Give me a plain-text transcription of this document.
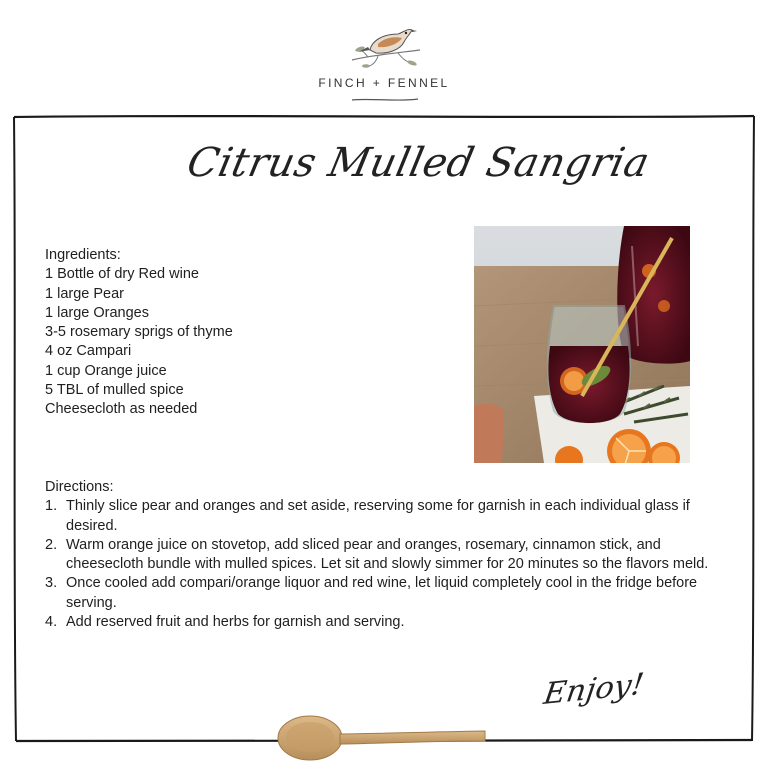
FINCH + FENNEL
Citrus Mulled Sangria
Ingredients:
1 Bottle of dry Red wine
1 large Pear
1 large Oranges
3-5 rosemary sprigs of thyme
4 oz Campari
1 cup Orange juice
5 TBL of mulled spice
Cheesecloth as needed
Directions:
1. Thinly slice pear and oranges and set aside, reserving some for garnish in each individual glass if desired.
2. Warm orange juice on stovetop, add sliced pear and oranges, rosemary, cinnamon stick, and cheesecloth bundle with mulled spices. Let sit and slowly simmer for 20 minutes so the flavors meld.
3. Once cooled add compari/orange liquor and red wine, let liquid completely cool in the fridge before serving.
4. Add reserved fruit and herbs for garnish and serving.
Enjoy!
